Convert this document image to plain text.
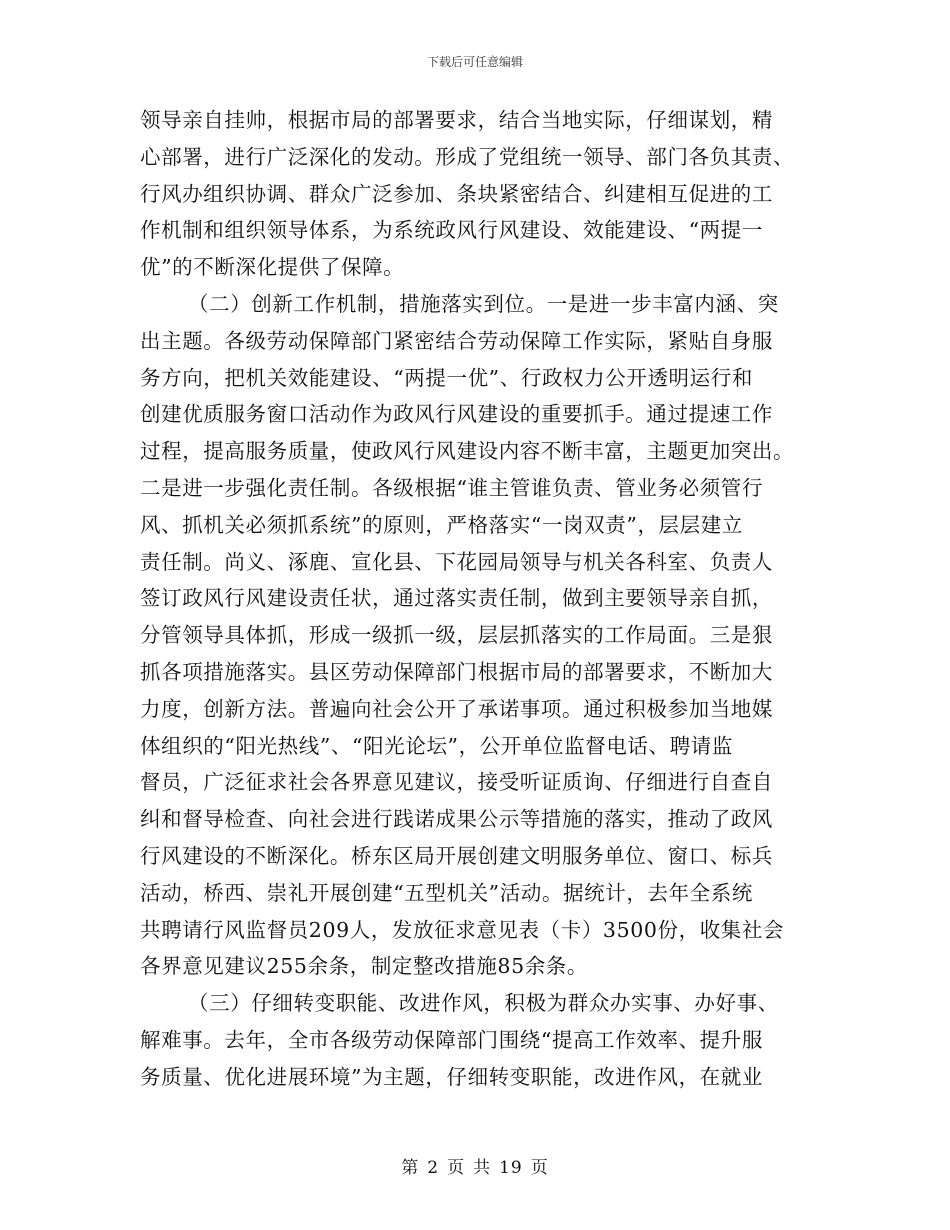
下载后可任意编辑

领导亲自挂帅，根据市局的部署要求，结合当地实际，仔细谋划，精

心部署，进行广泛深化的发动。形成了党组统一领导、部门各负其责、

行风办组织协调、群众广泛参加、条块紧密结合、纠建相互促进的工

作机制和组织领导体系，为系统政风行风建设、效能建设、“两提一

优”的不断深化提供了保障。

（二）创新工作机制，措施落实到位。一是进一步丰富内涵、突

出主题。各级劳动保障部门紧密结合劳动保障工作实际，紧贴自身服

务方向，把机关效能建设、“两提一优”、行政权力公开透明运行和

创建优质服务窗口活动作为政风行风建设的重要抓手。通过提速工作

过程，提高服务质量，使政风行风建设内容不断丰富，主题更加突出。

二是进一步强化责任制。各级根据“谁主管谁负责、管业务必须管行

风、抓机关必须抓系统”的原则，严格落实“一岗双责”，层层建立

责任制。尚义、涿鹿、宣化县、下花园局领导与机关各科室、负责人

签订政风行风建设责任状，通过落实责任制，做到主要领导亲自抓，

分管领导具体抓，形成一级抓一级，层层抓落实的工作局面。三是狠

抓各项措施落实。县区劳动保障部门根据市局的部署要求，不断加大

力度，创新方法。普遍向社会公开了承诺事项。通过积极参加当地媒

体组织的“阳光热线”、“阳光论坛”，公开单位监督电话、聘请监

督员，广泛征求社会各界意见建议，接受听证质询、仔细进行自查自

纠和督导检查、向社会进行践诺成果公示等措施的落实，推动了政风

行风建设的不断深化。桥东区局开展创建文明服务单位、窗口、标兵

活动，桥西、崇礼开展创建“五型机关”活动。据统计，去年全系统

共聘请行风监督员209人，发放征求意见表（卡）3500份，收集社会

各界意见建议255余条，制定整改措施85余条。

（三）仔细转变职能、改进作风，积极为群众办实事、办好事、

解难事。去年，全市各级劳动保障部门围绕“提高工作效率、提升服

务质量、优化进展环境”为主题，仔细转变职能，改进作风，在就业

第 2 页 共 19 页
